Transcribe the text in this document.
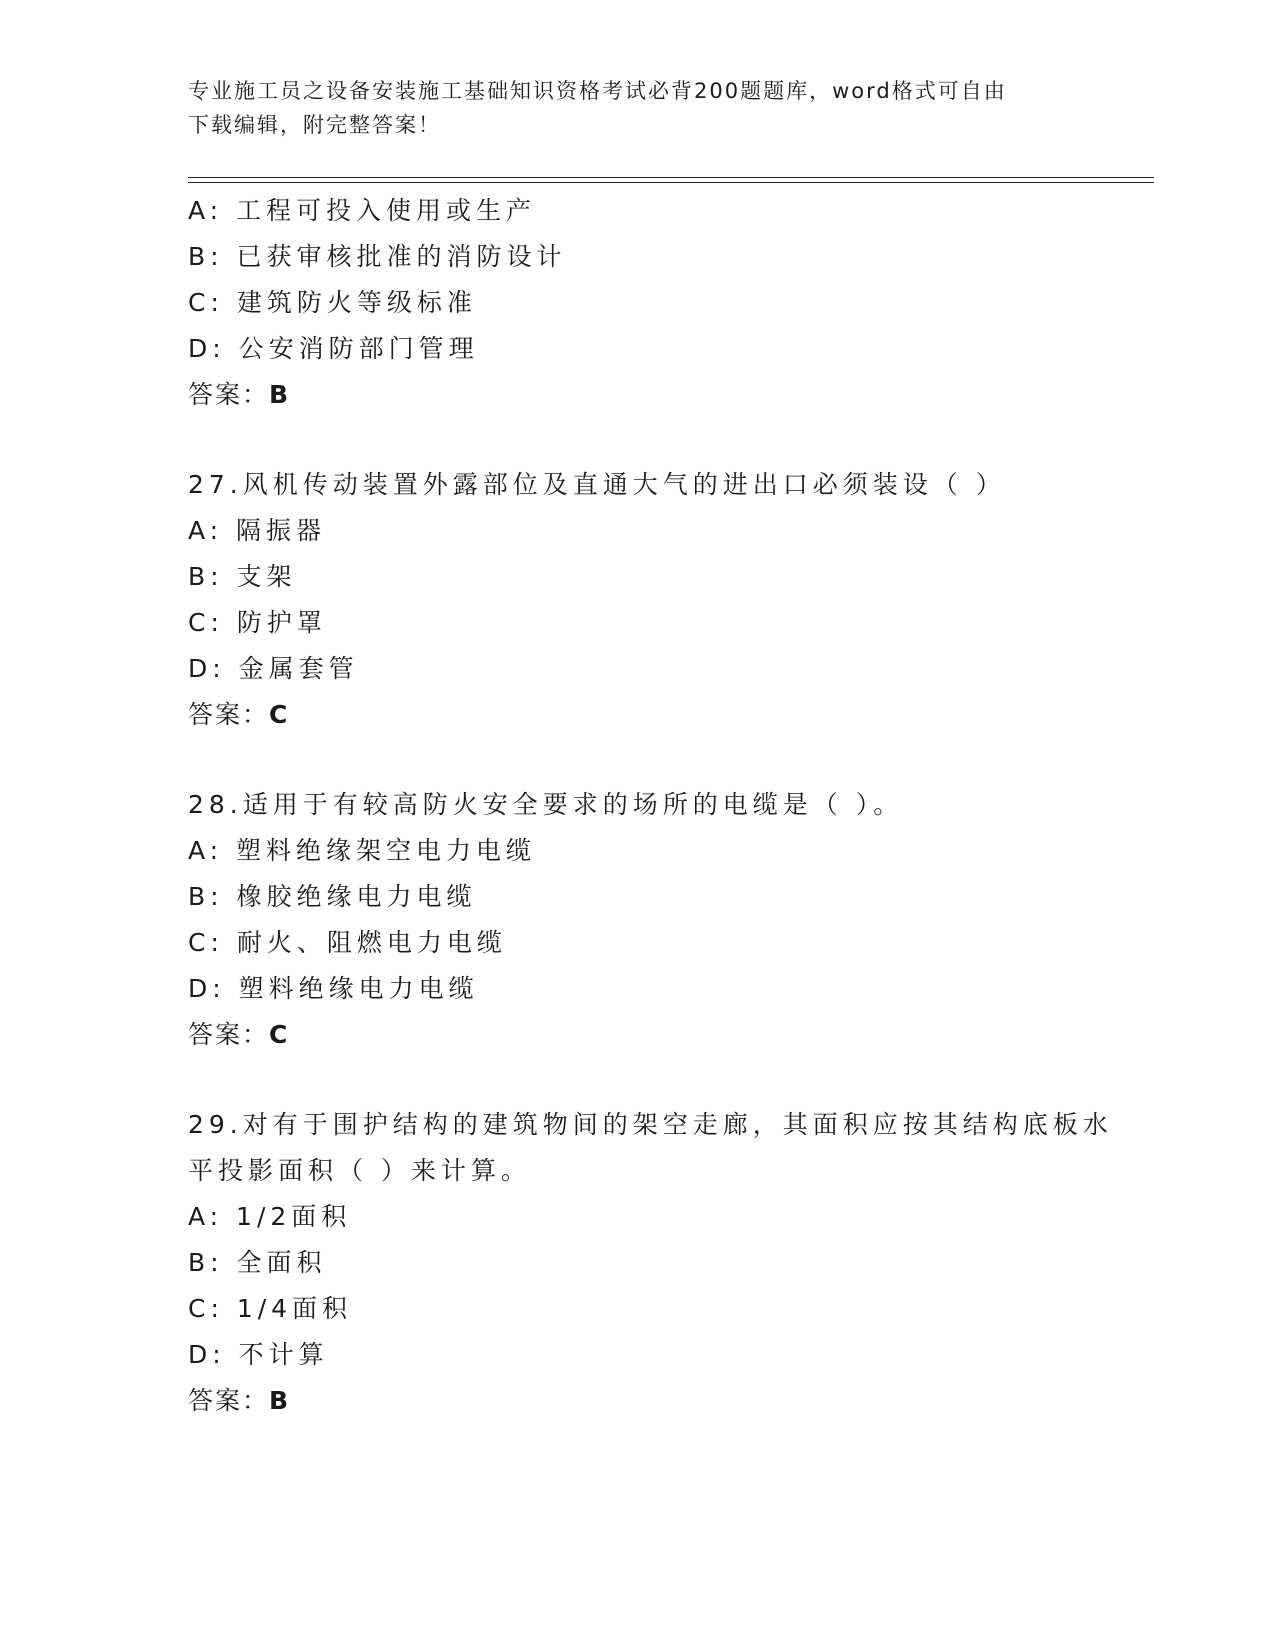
专业施工员之设备安装施工基础知识资格考试必背200题题库，word格式可自由
下载编辑，附完整答案！
A: 工程可投入使用或生产
B: 已获审核批准的消防设计
C: 建筑防火等级标准
D: 公安消防部门管理
答案：B
27.风机传动装置外露部位及直通大气的进出口必须装设（ ）
A: 隔振器
B: 支架
C: 防护罩
D: 金属套管
答案：C
28.适用于有较高防火安全要求的场所的电缆是（ ）。
A: 塑料绝缘架空电力电缆
B: 橡胶绝缘电力电缆
C: 耐火、阻燃电力电缆
D: 塑料绝缘电力电缆
答案：C
29.对有于围护结构的建筑物间的架空走廊，其面积应按其结构底板水
平投影面积（ ）来计算。
A: 1/2面积
B: 全面积
C: 1/4面积
D: 不计算
答案：B
